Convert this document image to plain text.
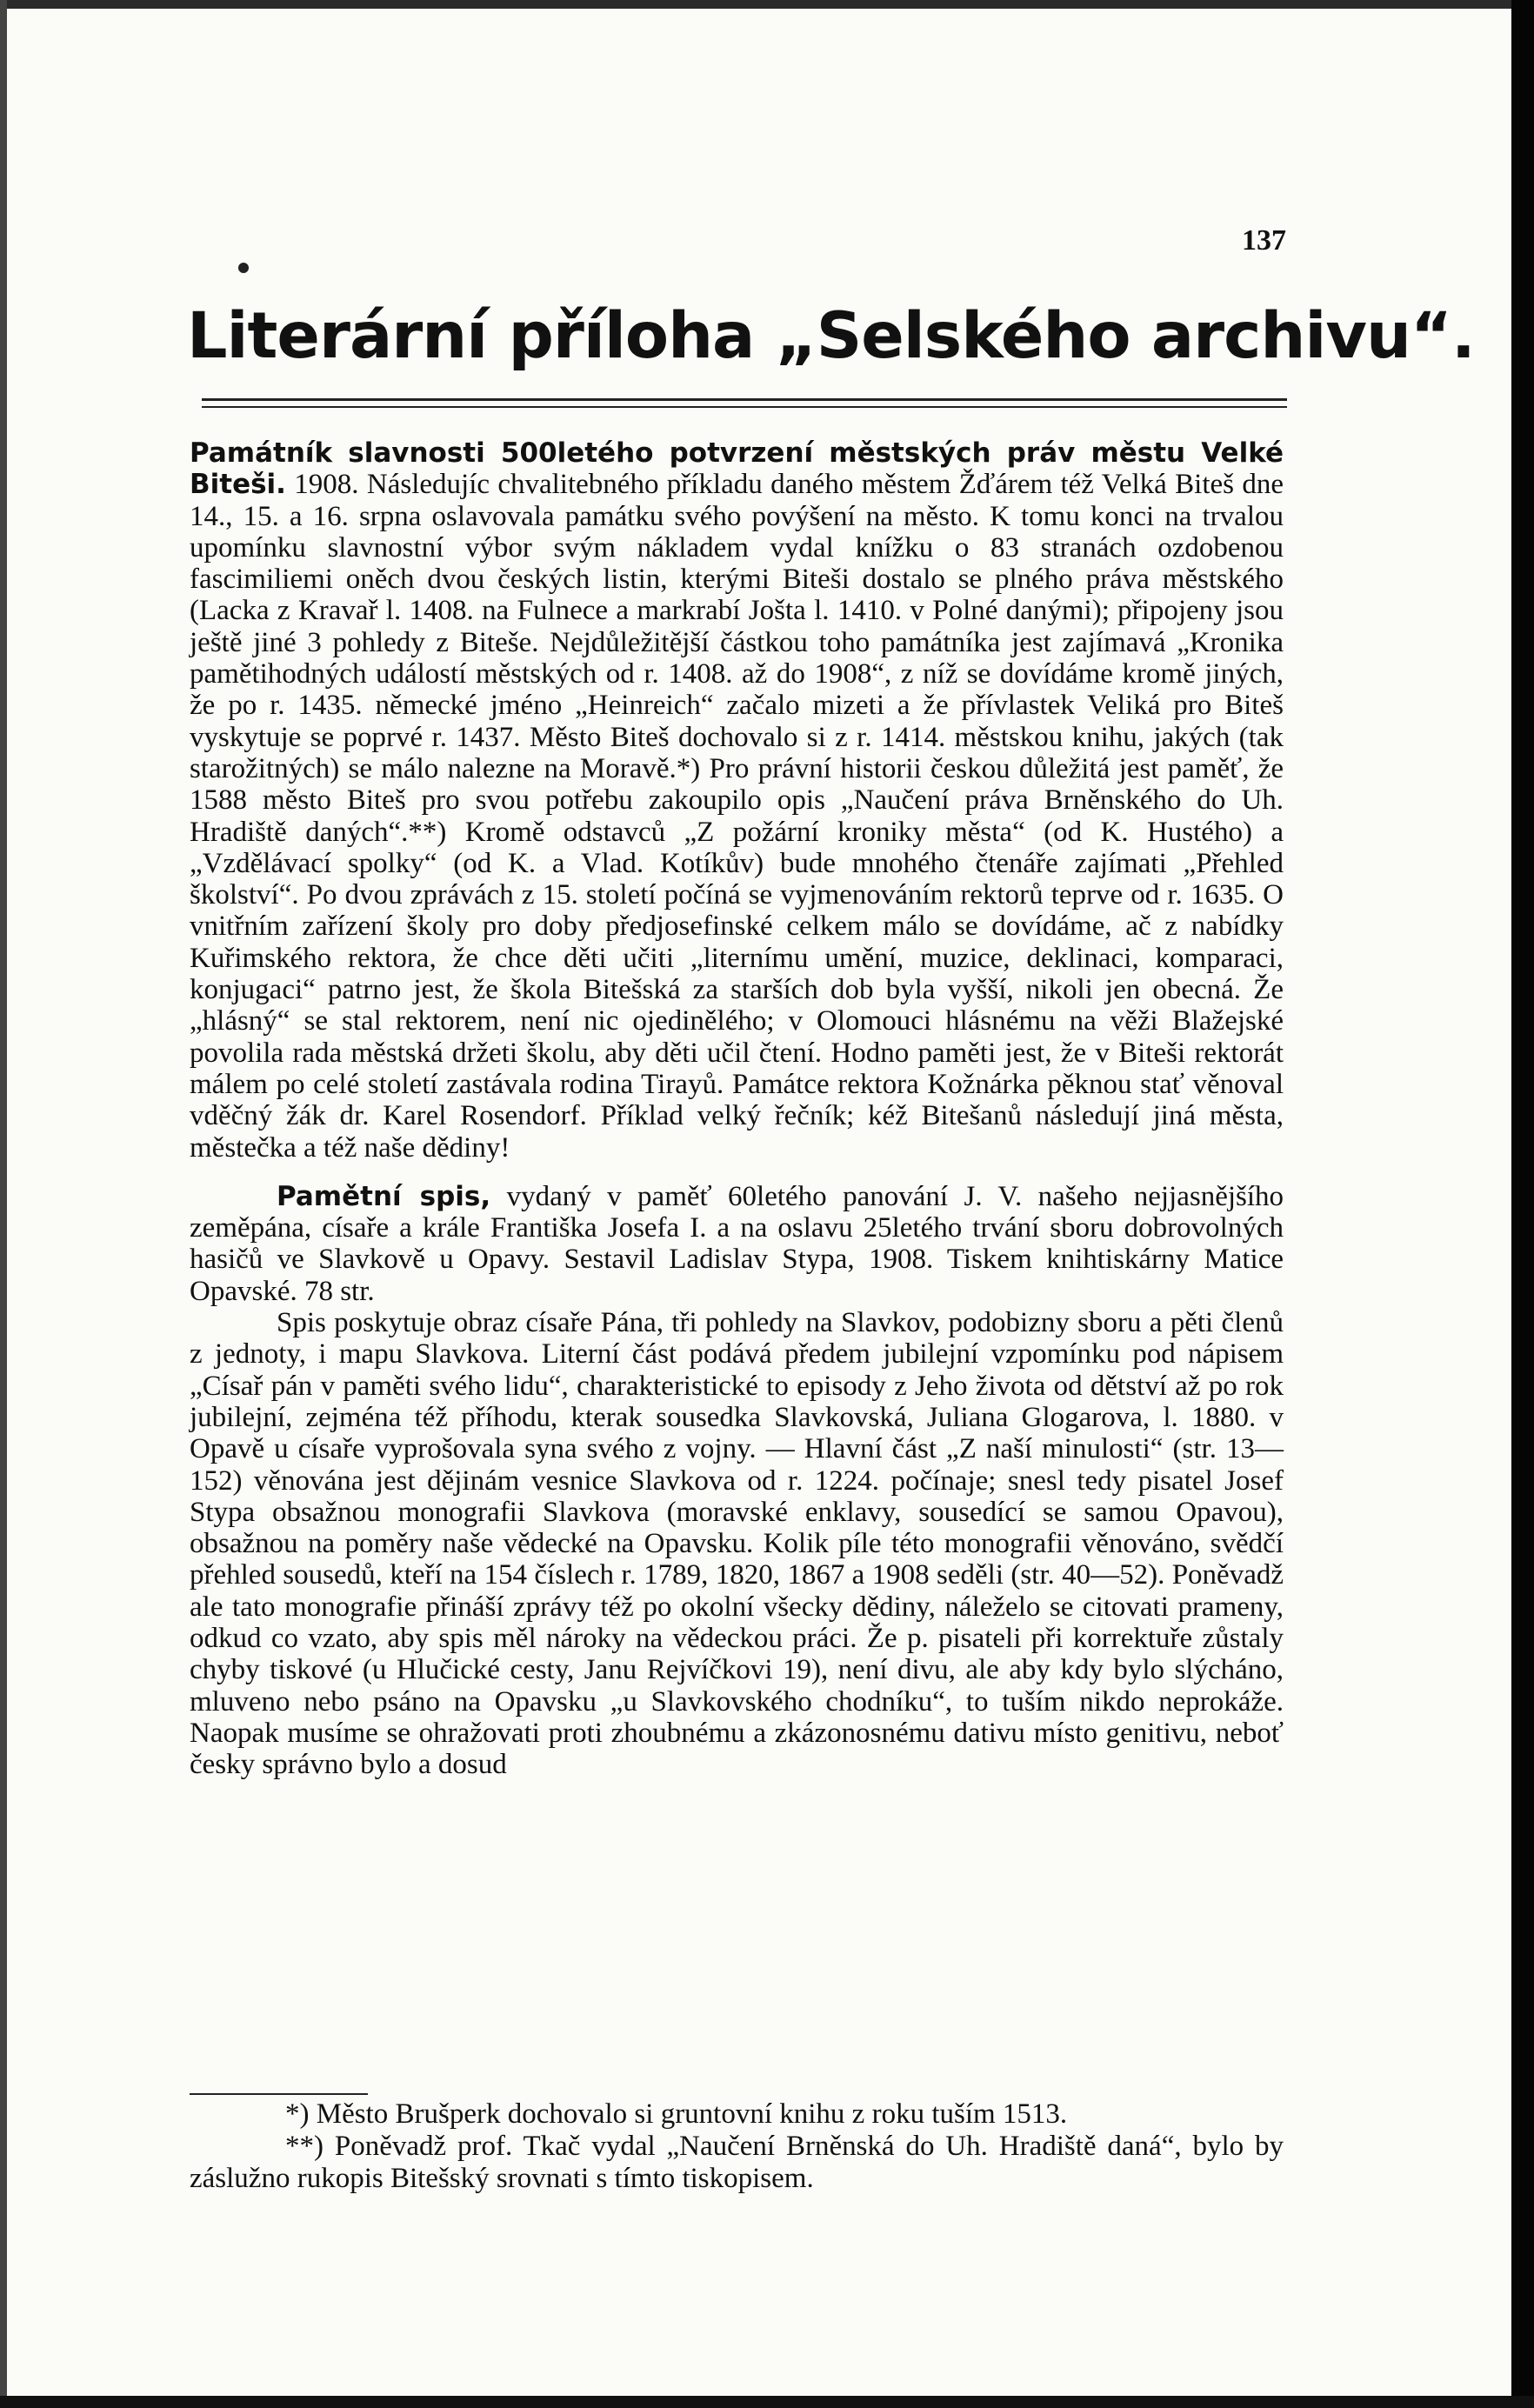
137
Literární příloha „Selského archivu“.

Památník slavnosti 500letého potvrzení městských práv městu Velké Biteši. 1908. Následujíc chvalitebného příkladu daného městem Žďárem též Velká Biteš dne 14., 15. a 16. srpna oslavovala památku svého povýšení na město. K tomu konci na trvalou upomínku slavnostní výbor svým nákladem vydal knížku o 83 stranách ozdobenou fascimiliemi oněch dvou českých listin, kterými Biteši dostalo se plného práva městského (Lacka z Kravař l. 1408. na Fulnece a markrabí Jošta l. 1410. v Polné danými); připojeny jsou ještě jiné 3 pohledy z Biteše. Nejdůležitější částkou toho památníka jest zajímavá „Kronika pamětihodných událostí městských od r. 1408. až do 1908“, z níž se dovídáme kromě jiných, že po r. 1435. německé jméno „Heinreich“ začalo mizeti a že přívlastek Veliká pro Biteš vyskytuje se poprvé r. 1437. Město Biteš dochovalo si z r. 1414. městskou knihu, jakých (tak starožitných) se málo nalezne na Moravě.*) Pro právní historii českou důležitá jest paměť, že 1588 město Biteš pro svou potřebu zakoupilo opis „Naučení práva Brněnského do Uh. Hradiště daných“.**) Kromě odstavců „Z požární kroniky města“ (od K. Hustého) a „Vzdělávací spolky“ (od K. a Vlad. Kotíkův) bude mnohého čtenáře zajímati „Přehled školství“. Po dvou zprávách z 15. století počíná se vyjmenováním rektorů teprve od r. 1635. O vnitřním zařízení školy pro doby předjosefinské celkem málo se dovídáme, ač z nabídky Kuřimského rektora, že chce děti učiti „liternímu umění, muzice, deklinaci, komparaci, konjugaci“ patrno jest, že škola Bitešská za starších dob byla vyšší, nikoli jen obecná. Že „hlásný“ se stal rektorem, není nic ojedinělého; v Olomouci hlásnému na věži Blažejské povolila rada městská držeti školu, aby děti učil čtení. Hodno paměti jest, že v Biteši rektorát málem po celé století zastávala rodina Tirayů. Památce rektora Kožnárka pěknou stať věnoval vděčný žák dr. Karel Rosendorf. Příklad velký řečník; kéž Bitešanů následují jiná města, městečka a též naše dědiny!

Pamětní spis, vydaný v paměť 60letého panování J. V. našeho nejjasnějšího zeměpána, císaře a krále Františka Josefa I. a na oslavu 25letého trvání sboru dobrovolných hasičů ve Slavkově u Opavy. Sestavil Ladislav Stypa, 1908. Tiskem knihtiskárny Matice Opavské. 78 str.

Spis poskytuje obraz císaře Pána, tři pohledy na Slavkov, podobizny sboru a pěti členů z jednoty, i mapu Slavkova. Literní část podává předem jubilejní vzpomínku pod nápisem „Císař pán v paměti svého lidu“, charakteristické to episody z Jeho života od dětství až po rok jubilejní, zejména též příhodu, kterak sousedka Slavkovská, Juliana Glogarova, l. 1880. v Opavě u císaře vyprošovala syna svého z vojny. — Hlavní část „Z naší minulosti“ (str. 13—152) věnována jest dějinám vesnice Slavkova od r. 1224. počínaje; snesl tedy pisatel Josef Stypa obsažnou monografii Slavkova (moravské enklavy, sousedící se samou Opavou), obsažnou na poměry naše vědecké na Opavsku. Kolik píle této monografii věnováno, svědčí přehled sousedů, kteří na 154 číslech r. 1789, 1820, 1867 a 1908 seděli (str. 40—52). Poněvadž ale tato monografie přináší zprávy též po okolní všecky dědiny, náleželo se citovati prameny, odkud co vzato, aby spis měl nároky na vědeckou práci. Že p. pisateli při korrektuře zůstaly chyby tiskové (u Hlučické cesty, Janu Rejvíčkovi 19), není divu, ale aby kdy bylo slýcháno, mluveno nebo psáno na Opavsku „u Slavkovského chodníku“, to tuším nikdo neprokáže. Naopak musíme se ohražovati proti zhoubnému a zkázonosnému dativu místo genitivu, neboť česky správno bylo a dosud

*) Město Brušperk dochovalo si gruntovní knihu z roku tuším 1513.

**) Poněvadž prof. Tkač vydal „Naučení Brněnská do Uh. Hradiště daná“, bylo by záslužno rukopis Bitešský srovnati s tímto tiskopisem.
